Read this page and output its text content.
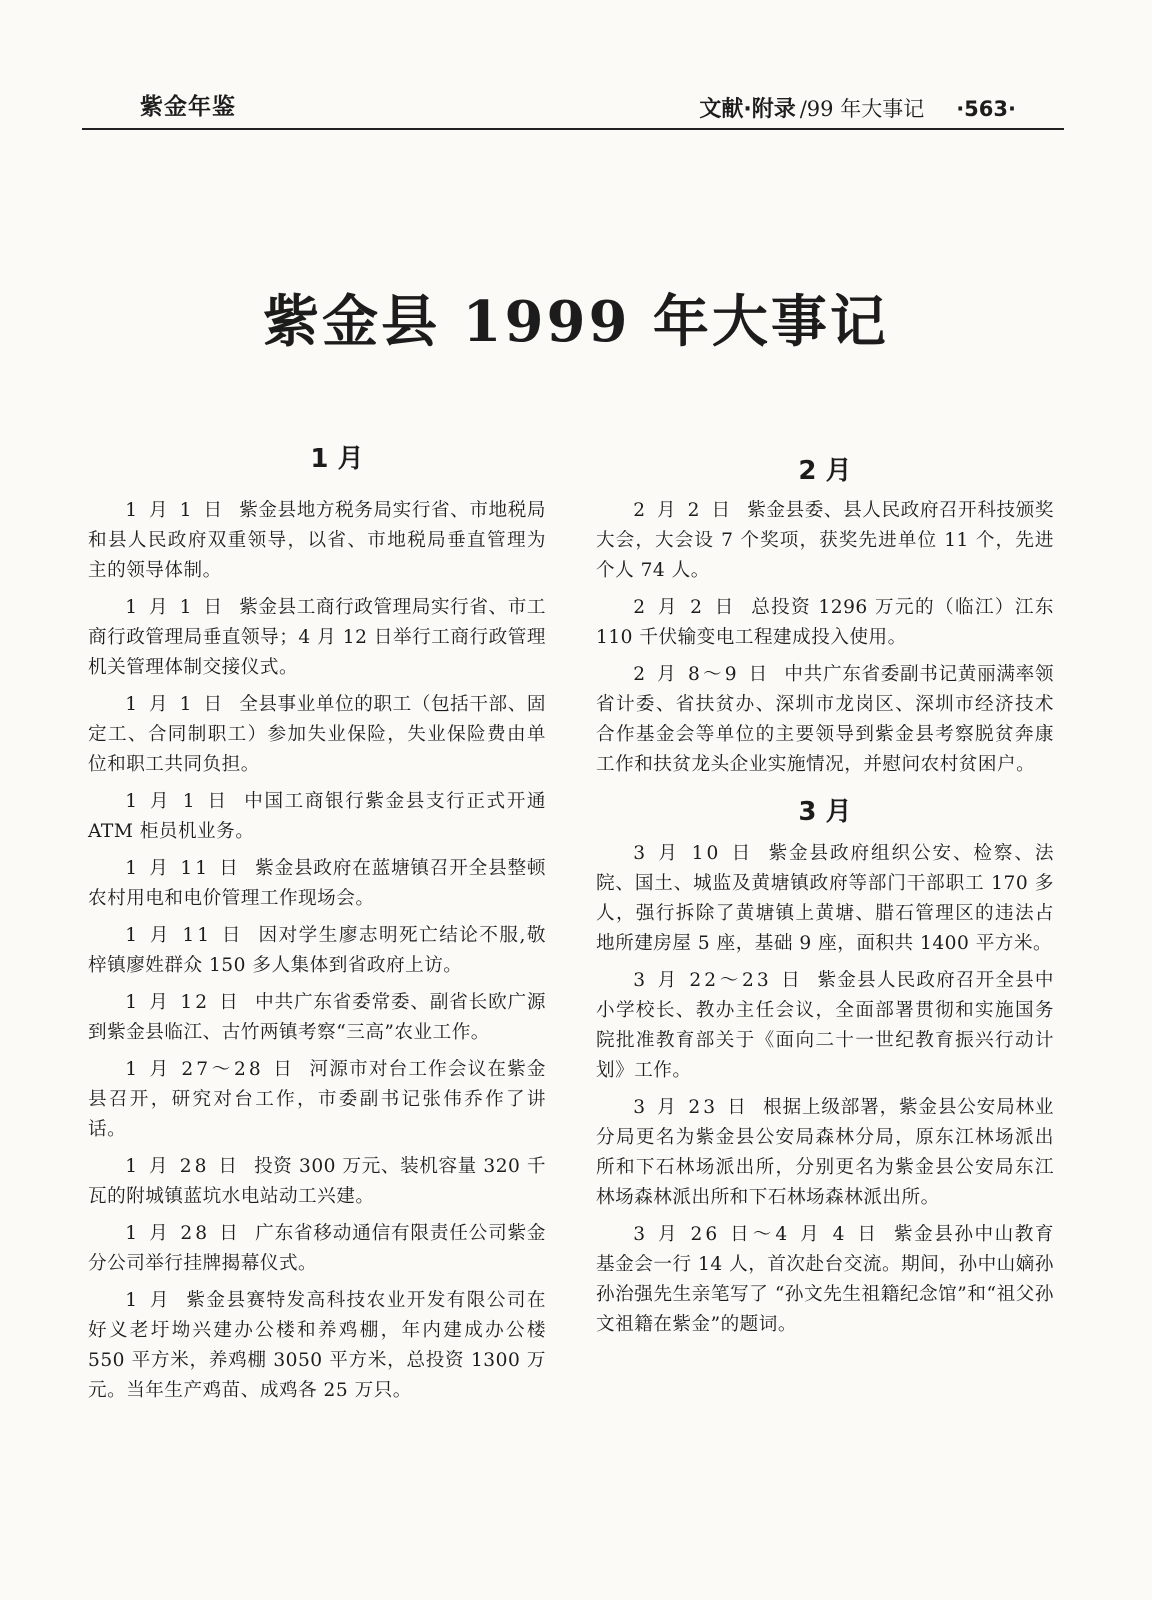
紫金年鉴	文献·附录 /99 年大事记 ·563·
紫金县 1999 年大事记
1 月

1 月 1 日 紫金县地方税务局实行省、市地税局和县人民政府双重领导，以省、市地税局垂直管理为主的领导体制。

1 月 1 日 紫金县工商行政管理局实行省、市工商行政管理局垂直领导；4 月 12 日举行工商行政管理机关管理体制交接仪式。

1 月 1 日 全县事业单位的职工（包括干部、固定工、合同制职工）参加失业保险，失业保险费由单位和职工共同负担。

1 月 1 日 中国工商银行紫金县支行正式开通 ATM 柜员机业务。

1 月 11 日 紫金县政府在蓝塘镇召开全县整顿农村用电和电价管理工作现场会。

1 月 11 日 因对学生廖志明死亡结论不服,敬梓镇廖姓群众 150 多人集体到省政府上访。

1 月 12 日 中共广东省委常委、副省长欧广源到紫金县临江、古竹两镇考察“三高”农业工作。

1 月 27～28 日 河源市对台工作会议在紫金县召开，研究对台工作，市委副书记张伟乔作了讲话。

1 月 28 日 投资 300 万元、装机容量 320 千瓦的附城镇蓝坑水电站动工兴建。

1 月 28 日 广东省移动通信有限责任公司紫金分公司举行挂牌揭幕仪式。

1 月 紫金县赛特发高科技农业开发有限公司在好义老圩坳兴建办公楼和养鸡棚，年内建成办公楼 550 平方米，养鸡棚 3050 平方米，总投资 1300 万元。当年生产鸡苗、成鸡各 25 万只。

2 月

2 月 2 日 紫金县委、县人民政府召开科技颁奖大会，大会设 7 个奖项，获奖先进单位 11 个，先进个人 74 人。

2 月 2 日 总投资 1296 万元的（临江）江东 110 千伏输变电工程建成投入使用。

2 月 8～9 日 中共广东省委副书记黄丽满率领省计委、省扶贫办、深圳市龙岗区、深圳市经济技术合作基金会等单位的主要领导到紫金县考察脱贫奔康工作和扶贫龙头企业实施情况，并慰问农村贫困户。

3 月

3 月 10 日 紫金县政府组织公安、检察、法院、国土、城监及黄塘镇政府等部门干部职工 170 多人，强行拆除了黄塘镇上黄塘、腊石管理区的违法占地所建房屋 5 座，基础 9 座，面积共 1400 平方米。

3 月 22～23 日 紫金县人民政府召开全县中小学校长、教办主任会议，全面部署贯彻和实施国务院批准教育部关于《面向二十一世纪教育振兴行动计划》工作。

3 月 23 日 根据上级部署，紫金县公安局林业分局更名为紫金县公安局森林分局，原东江林场派出所和下石林场派出所，分别更名为紫金县公安局东江林场森林派出所和下石林场森林派出所。

3 月 26 日～4 月 4 日 紫金县孙中山教育基金会一行 14 人，首次赴台交流。期间，孙中山嫡孙孙治强先生亲笔写了 “孙文先生祖籍纪念馆”和“祖父孙文祖籍在紫金”的题词。
